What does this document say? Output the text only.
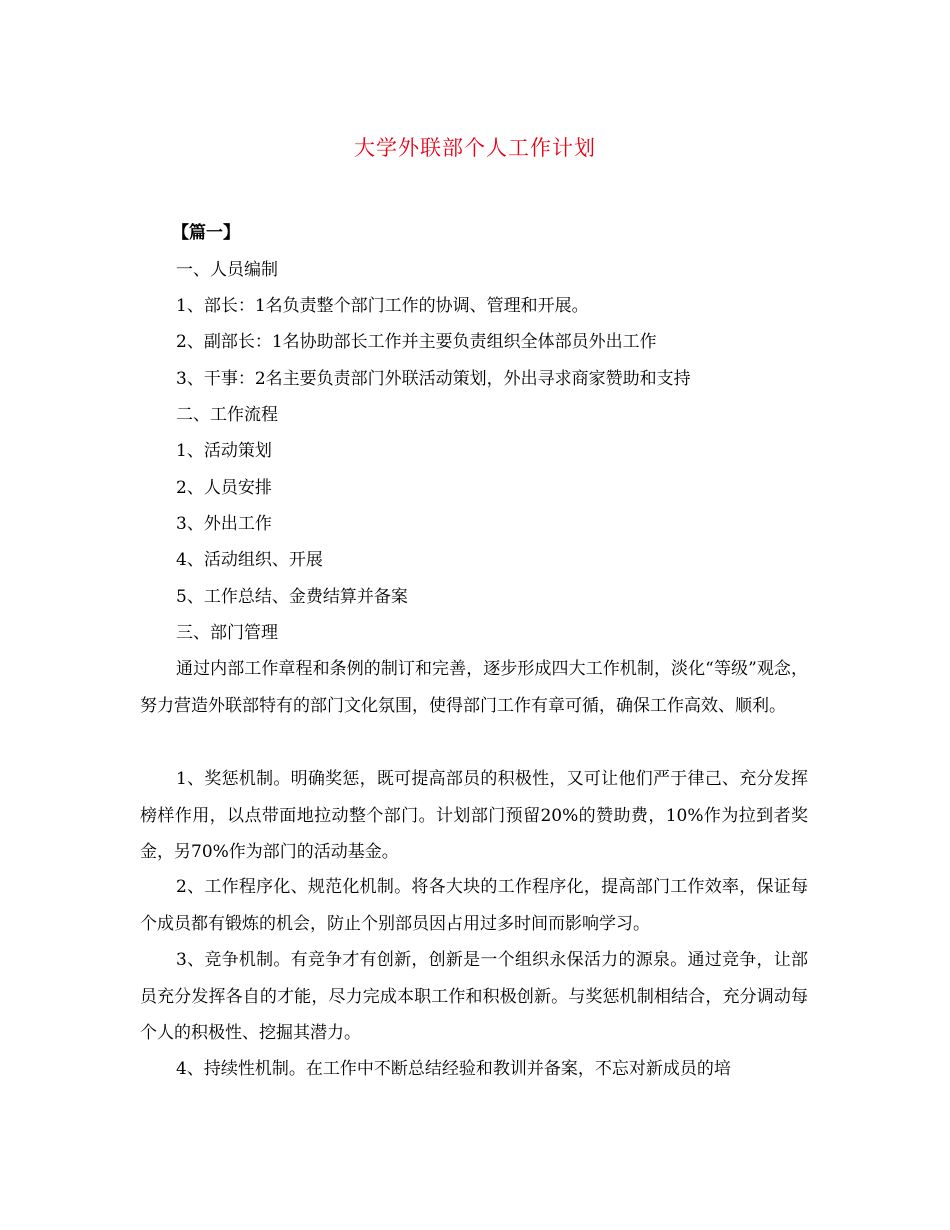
大学外联部个人工作计划
【篇一】
一、人员编制
1、部长：1名负责整个部门工作的协调、管理和开展。
2、副部长：1名协助部长工作并主要负责组织全体部员外出工作
3、干事：2名主要负责部门外联活动策划，外出寻求商家赞助和支持
二、工作流程
1、活动策划
2、人员安排
3、外出工作
4、活动组织、开展
5、工作总结、金费结算并备案
三、部门管理
通过内部工作章程和条例的制订和完善，逐步形成四大工作机制，淡化“等级”观念，努力营造外联部特有的部门文化氛围，使得部门工作有章可循，确保工作高效、顺利。
1、奖惩机制。明确奖惩，既可提高部员的积极性，又可让他们严于律己、充分发挥榜样作用，以点带面地拉动整个部门。计划部门预留20%的赞助费，10%作为拉到者奖金，另70%作为部门的活动基金。
2、工作程序化、规范化机制。将各大块的工作程序化，提高部门工作效率，保证每个成员都有锻炼的机会，防止个别部员因占用过多时间而影响学习。
3、竞争机制。有竞争才有创新，创新是一个组织永保活力的源泉。通过竞争，让部员充分发挥各自的才能，尽力完成本职工作和积极创新。与奖惩机制相结合，充分调动每个人的积极性、挖掘其潜力。
4、持续性机制。在工作中不断总结经验和教训并备案，不忘对新成员的培
